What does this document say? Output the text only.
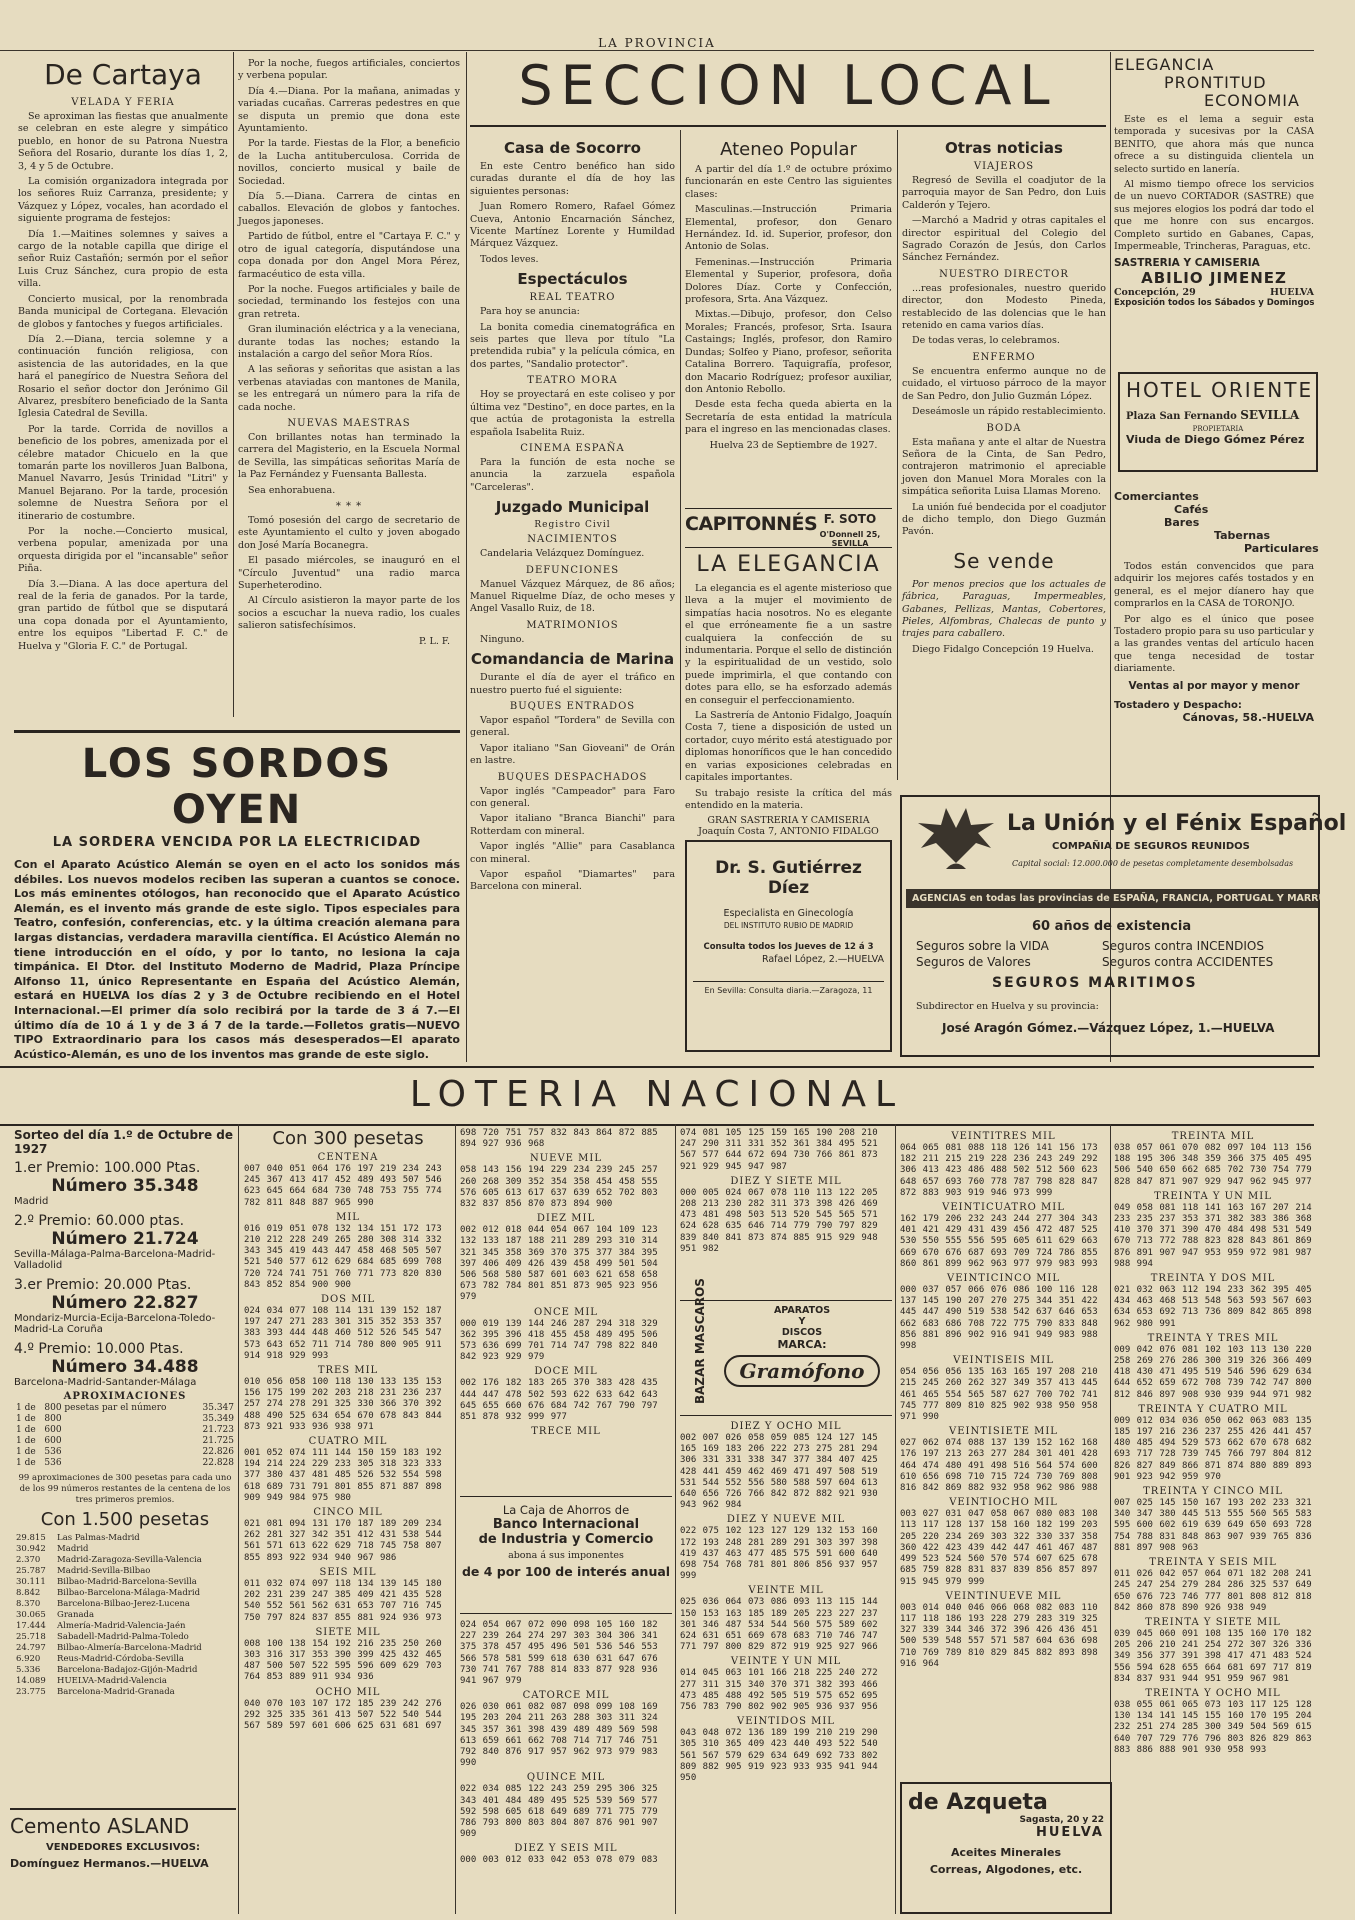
LA PROVINCIA
De Cartaya
VELADA Y FERIA

Se aproximan las fiestas que anualmente se celebran en este alegre y simpático pueblo, en honor de su Patrona Nuestra Señora del Rosario, durante los días 1, 2, 3, 4 y 5 de Octubre.

La comisión organizadora integrada por los señores Ruiz Carranza, presidente; y Vázquez y López, vocales, han acordado el siguiente programa de festejos:

Día 1.—Maitines solemnes y saives a cargo de la notable capilla que dirige el señor Ruiz Castañón; sermón por el señor Luis Cruz Sánchez, cura propio de esta villa.

Concierto musical, por la renombrada Banda municipal de Cortegana. Elevación de globos y fantoches y fuegos artificiales.

Día 2.—Diana, tercia solemne y a continuación función religiosa, con asistencia de las autoridades, en la que hará el panegírico de Nuestra Señora del Rosario el señor doctor don Jerónimo Gil Alvarez, presbítero beneficiado de la Santa Iglesia Catedral de Sevilla.

Por la tarde. Corrida de novillos a beneficio de los pobres, amenizada por el célebre matador Chicuelo en la que tomarán parte los novilleros Juan Balbona, Manuel Navarro, Jesús Trinidad "Litri" y Manuel Bejarano. Por la tarde, procesión solemne de Nuestra Señora por el itinerario de costumbre.

Por la noche.—Concierto musical, verbena popular, amenizada por una orquesta dirigida por el "incansable" señor Piña.

Día 3.—Diana. A las doce apertura del real de la feria de ganados. Por la tarde, gran partido de fútbol que se disputará una copa donada por el Ayuntamiento, entre los equipos "Libertad F. C." de Huelva y "Gloria F. C." de Portugal.

Por la noche, fuegos artificiales, conciertos y verbena popular.

Día 4.—Diana. Por la mañana, animadas y variadas cucañas. Carreras pedestres en que se disputa un premio que dona este Ayuntamiento.

Por la tarde. Fiestas de la Flor, a beneficio de la Lucha antituberculosa. Corrida de novillos, concierto musical y baile de Sociedad.

Día 5.—Diana. Carrera de cintas en caballos. Elevación de globos y fantoches. Juegos japoneses.

Partido de fútbol, entre el "Cartaya F. C." y otro de igual categoría, disputándose una copa donada por don Angel Mora Pérez, farmacéutico de esta villa.

Por la noche. Fuegos artificiales y baile de sociedad, terminando los festejos con una gran retreta.

Gran iluminación eléctrica y a la veneciana, durante todas las noches; estando la instalación a cargo del señor Mora Ríos.

A las señoras y señoritas que asistan a las verbenas ataviadas con mantones de Manila, se les entregará un número para la rifa de cada noche.

NUEVAS MAESTRAS

Con brillantes notas han terminado la carrera del Magisterio, en la Escuela Normal de Sevilla, las simpáticas señoritas María de la Paz Fernández y Fuensanta Ballesta.

Sea enhorabuena.

* * *

Tomó posesión del cargo de secretario de este Ayuntamiento el culto y joven abogado don José María Bocanegra.

El pasado miércoles, se inauguró en el "Círculo Juventud" una radio marca Superheterodino.

Al Círculo asistieron la mayor parte de los socios a escuchar la nueva radio, los cuales salieron satisfechísimos.

P. L. F.
LOS SORDOS OYEN
LA SORDERA VENCIDA POR LA ELECTRICIDAD
Con el Aparato Acústico Alemán se oyen en el acto los sonidos más débiles. Los nuevos modelos reciben las superan a cuantos se conoce. Los más eminentes otólogos, han reconocido que el Aparato Acústico Alemán, es el invento más grande de este siglo. Tipos especiales para Teatro, confesión, conferencias, etc. y la última creación alemana para largas distancias, verdadera maravilla científica. El Acústico Alemán no tiene introducción en el oído, y por lo tanto, no lesiona la caja timpánica. El Dtor. del Instituto Moderno de Madrid, Plaza Príncipe Alfonso 11, único Representante en España del Acústico Alemán, estará en HUELVA los días 2 y 3 de Octubre recibiendo en el Hotel Internacional.—El primer día solo recibirá por la tarde de 3 á 7.—El último día de 10 á 1 y de 3 á 7 de la tarde.—Folletos gratis—NUEVO TIPO Extraordinario para los casos más desesperados—El aparato Acústico-Alemán, es uno de los inventos mas grande de este siglo.
SECCION LOCAL
Casa de Socorro

En este Centro benéfico han sido curadas durante el día de hoy las siguientes personas:

Juan Romero Romero, Rafael Gómez Cueva, Antonio Encarnación Sánchez, Vicente Martínez Lorente y Humildad Márquez Vázquez.

Todos leves.

Espectáculos
REAL TEATRO

Para hoy se anuncia:

La bonita comedia cinematográfica en seis partes que lleva por título "La pretendida rubia" y la película cómica, en dos partes, "Sandalio protector".

TEATRO MORA

Hoy se proyectará en este coliseo y por última vez "Destino", en doce partes, en la que actúa de protagonista la estrella española Isabelita Ruiz.

CINEMA ESPAÑA

Para la función de esta noche se anuncia la zarzuela española "Carceleras".

Juzgado Municipal
Registro Civil
NACIMIENTOS

Candelaria Velázquez Domínguez.

DEFUNCIONES

Manuel Vázquez Márquez, de 86 años; Manuel Riquelme Díaz, de ocho meses y Angel Vasallo Ruiz, de 18.

MATRIMONIOS

Ninguno.

Comandancia de Marina

Durante el día de ayer el tráfico en nuestro puerto fué el siguiente:

BUQUES ENTRADOS

Vapor español "Tordera" de Sevilla con general.

Vapor italiano "San Gioveani" de Orán en lastre.

BUQUES DESPACHADOS

Vapor inglés "Campeador" para Faro con general.

Vapor italiano "Branca Bianchi" para Rotterdam con mineral.

Vapor inglés "Allie" para Casablanca con mineral.

Vapor español "Diamartes" para Barcelona con mineral.

Ateneo Popular

A partir del día 1.º de octubre próximo funcionarán en este Centro las siguientes clases:

Masculinas.—Instrucción Primaria Elemental, profesor, don Genaro Hernández. Id. id. Superior, profesor, don Antonio de Solas.

Femeninas.—Instrucción Primaria Elemental y Superior, profesora, doña Dolores Díaz. Corte y Confección, profesora, Srta. Ana Vázquez.

Mixtas.—Dibujo, profesor, don Celso Morales; Francés, profesor, Srta. Isaura Castaings; Inglés, profesor, don Ramiro Dundas; Solfeo y Piano, profesor, señorita Catalina Borrero. Taquigrafía, profesor, don Macario Rodríguez; profesor auxiliar, don Antonio Rebollo.

Desde esta fecha queda abierta en la Secretaría de esta entidad la matrícula para el ingreso en las mencionadas clases.

Huelva 23 de Septiembre de 1927.

CAPITONNÉS F. SOTO
O'Donnell 25, SEVILLA
LA ELEGANCIA

La elegancia es el agente misterioso que lleva a la mujer el movimiento de simpatías hacia nosotros. No es elegante el que erróneamente fie a un sastre cualquiera la confección de su indumentaria. Porque el sello de distinción y la espiritualidad de un vestido, solo puede imprimirla, el que contando con dotes para ello, se ha esforzado además en conseguir el perfeccionamiento.

La Sastrería de Antonio Fidalgo, Joaquín Costa 7, tiene a disposición de usted un cortador, cuyo mérito está atestiguado por diplomas honoríficos que le han concedido en varias exposiciones celebradas en capitales importantes.

Su trabajo resiste la crítica del más entendido en la materia.

GRAN SASTRERIA Y CAMISERIA
Joaquín Costa 7, ANTONIO FIDALGO
Dr. S. Gutiérrez Díez
Especialista en Ginecología
DEL INSTITUTO RUBIO DE MADRID
Consulta todos los Jueves de 12 á 3
Rafael López, 2.—HUELVA
En Sevilla: Consulta diaria.—Zaragoza, 11
Otras noticias
VIAJEROS

Regresó de Sevilla el coadjutor de la parroquia mayor de San Pedro, don Luis Calderón y Tejero.

—Marchó a Madrid y otras capitales el director espiritual del Colegio del Sagrado Corazón de Jesús, don Carlos Sánchez Fernández.

NUESTRO DIRECTOR

...reas profesionales, nuestro querido director, don Modesto Pineda, restablecido de las dolencias que le han retenido en cama varios días.

De todas veras, lo celebramos.

ENFERMO

Se encuentra enfermo aunque no de cuidado, el virtuoso párroco de la mayor de San Pedro, don Julio Guzmán López.

Deseámosle un rápido restablecimiento.

BODA

Esta mañana y ante el altar de Nuestra Señora de la Cinta, de San Pedro, contrajeron matrimonio el apreciable joven don Manuel Mora Morales con la simpática señorita Luisa Llamas Moreno.

La unión fué bendecida por el coadjutor de dicho templo, don Diego Guzmán Pavón.

Se vende

Por menos precios que los actuales de fábrica, Paraguas, Impermeables, Gabanes, Pellizas, Mantas, Cobertores, Pieles, Alfombras, Chalecas de punto y trajes para caballero.

Diego Fidalgo Concepción 19 Huelva.

ELEGANCIA
PRONTITUD
ECONOMIA

Este es el lema a seguir esta temporada y sucesivas por la CASA BENITO, que ahora más que nunca ofrece a su distinguida clientela un selecto surtido en lanería.

Al mismo tiempo ofrece los servicios de un nuevo CORTADOR (SASTRE) que sus mejores elogios los podrá dar todo el que me honre con sus encargos. Completo surtido en Gabanes, Capas, Impermeable, Trincheras, Paraguas, etc.

SASTRERIA Y CAMISERIA
ABILIO JIMENEZ
Concepción, 29	HUELVA
Exposición todos los Sábados y Domingos
HOTEL ORIENTE
Plaza San Fernando SEVILLA
PROPIETARIA
Viuda de Diego Gómez Pérez
Comerciantes
Cafés
Bares
Tabernas
Particulares

Todos están convencidos que para adquirir los mejores cafés tostados y en general, es el mejor díanero hay que comprarlos en la CASA de TORONJO.

Por algo es el único que posee Tostadero propio para su uso particular y a las grandes ventas del artículo hacen que tenga necesidad de tostar diariamente.

Ventas al por mayor y menor
Tostadero y Despacho:
Cánovas, 58.-HUELVA
La Unión y el Fénix Español
COMPAÑIA DE SEGUROS REUNIDOS
Capital social: 12.000.000 de pesetas completamente desembolsadas
AGENCIAS en todas las provincias de ESPAÑA, FRANCIA, PORTUGAL Y MARRUECOS
60 años de existencia
Seguros sobre la VIDA	Seguros contra INCENDIOS
Seguros de Valores	Seguros contra ACCIDENTES
SEGUROS MARITIMOS
Subdirector en Huelva y su provincia:
José Aragón Gómez.—Vázquez López, 1.—HUELVA
LOTERIA NACIONAL
Sorteo del día 1.º de Octubre de 1927
1.er Premio: 100.000 Ptas.
Número 35.348
Madrid
2.º Premio: 60.000 ptas.
Número 21.724
Sevilla-Málaga-Palma-Barcelona-Madrid-Valladolid
3.er Premio: 20.000 Ptas.
Número 22.827
Mondariz-Murcia-Ecija-Barcelona-Toledo-Madrid-La Coruña
4.º Premio: 10.000 Ptas.
Número 34.488
Barcelona-Madrid-Santander-Málaga
APROXIMACIONES
1 de	800 pesetas par el número	35.347
1 de	800	35.349
1 de	600	21.723
1 de	600	21.725
1 de	536	22.826
1 de	536	22.828

99 aproximaciones de 300 pesetas para cada uno de los 99 números restantes de la centena de los tres primeros premios.

Con 1.500 pesetas
29.815	Las Palmas-Madrid
30.942	Madrid
2.370	Madrid-Zaragoza-Sevilla-Valencia
25.787	Madrid-Sevilla-Bilbao
30.111	Bilbao-Madrid-Barcelona-Sevilla
8.842	Bilbao-Barcelona-Málaga-Madrid
8.370	Barcelona-Bilbao-Jerez-Lucena
30.065	Granada
17.444	Almería-Madrid-Valencia-Jaén
25.718	Sabadell-Madrid-Palma-Toledo
24.797	Bilbao-Almería-Barcelona-Madrid
6.920	Reus-Madrid-Córdoba-Sevilla
5.336	Barcelona-Badajoz-Gijón-Madrid
14.089	HUELVA-Madrid-Valencia
23.775	Barcelona-Madrid-Granada
Cemento ASLAND
VENDEDORES EXCLUSIVOS:
Domínguez Hermanos.—HUELVA
Con 300 pesetas
CENTENA
007 040 051 064 176 197 219 234 243 245 367 413 417 452 489 493 507 546 623 645 664 684 730 748 753 755 774 782 811 848 887 965 990
MIL
016 019 051 078 132 134 151 172 173 210 212 228 249 265 280 308 314 332 343 345 419 443 447 458 468 505 507 521 540 577 612 629 684 685 699 708 720 724 741 751 760 771 773 820 830 843 852 854 900 900
DOS MIL
024 034 077 108 114 131 139 152 187 197 247 271 283 301 315 352 353 357 383 393 444 448 460 512 526 545 547 573 643 652 711 714 780 800 905 911 914 918 929 993
TRES MIL
010 056 058 100 118 130 133 135 153 156 175 199 202 203 218 231 236 237 257 274 278 291 325 330 366 370 392 488 490 525 634 654 670 678 843 844 873 921 933 936 938 971
CUATRO MIL
001 052 074 111 144 150 159 183 192 194 214 224 229 233 305 318 323 333 377 380 437 481 485 526 532 554 598 618 689 731 791 801 855 871 887 898 909 949 984 975 980
CINCO MIL
021 081 094 131 170 187 189 209 234 262 281 327 342 351 412 431 538 544 561 571 613 622 629 718 745 758 807 855 893 922 934 940 967 986
SEIS MIL
011 032 074 097 118 134 139 145 180 202 231 239 247 385 409 421 435 528 540 552 561 562 631 653 707 716 745 750 797 824 837 855 881 924 936 973
SIETE MIL
008 100 138 154 192 216 235 250 260 303 316 317 353 390 399 425 432 465 487 500 507 522 595 596 609 629 703 764 853 889 911 934 936
OCHO MIL
040 070 103 107 172 185 239 242 276 292 325 335 361 413 507 522 540 544 567 589 597 601 606 625 631 681 697
698 720 751 757 832 843 864 872 885 894 927 936 968
NUEVE MIL
058 143 156 194 229 234 239 245 257 260 268 309 352 354 358 454 458 555 576 605 613 617 637 639 652 702 803 832 837 856 870 873 894 900
DIEZ MIL
002 012 018 044 054 067 104 109 123 132 133 187 188 211 289 293 310 314 321 345 358 369 370 375 377 384 395 397 406 409 426 439 458 499 501 504 506 568 580 587 601 603 621 658 658 673 782 784 801 851 873 905 923 956 979
ONCE MIL
000 019 139 144 246 287 294 318 329 362 395 396 418 455 458 489 495 506 573 636 699 701 714 747 798 822 840 842 923 929 979
DOCE MIL
002 176 182 183 265 370 383 428 435 444 447 478 502 593 622 633 642 643 645 655 660 676 684 742 767 790 797 851 878 932 999 977
TRECE MIL
La Caja de Ahorros de
Banco Internacional
de Industria y Comercio
abona á sus imponentes
de 4 por 100 de interés anual
024 054 067 072 090 098 105 160 182 227 239 264 274 297 303 304 306 341 375 378 457 495 496 501 536 546 553 566 578 581 599 618 630 631 647 676 730 741 767 788 814 833 877 928 936 941 967 979
CATORCE MIL
026 030 061 082 087 098 099 108 169 195 203 204 211 263 288 303 311 324 345 357 361 398 439 489 489 569 598 613 659 661 662 708 714 717 746 751 792 840 876 917 957 962 973 979 983 990
QUINCE MIL
022 034 085 122 243 259 295 306 325 343 401 484 489 495 525 539 569 577 592 598 605 618 649 689 771 775 779 786 793 800 803 804 807 876 901 907 909
DIEZ Y SEIS MIL
000 003 012 033 042 053 078 079 083
074 081 105 125 159 165 190 208 210 247 290 311 331 352 361 384 495 521 567 577 644 672 694 730 766 861 873 921 929 945 947 987
DIEZ Y SIETE MIL
000 005 024 067 078 110 113 122 205 208 213 230 282 311 373 398 426 469 473 481 498 503 513 520 545 565 571 624 628 635 646 714 779 790 797 829 839 840 841 873 874 885 915 929 948 951 982
BAZAR MASCAROS	APARATOS
Y
DISCOS
MARCA:
Gramófono
DIEZ Y OCHO MIL
002 007 026 058 059 085 124 127 145 165 169 183 206 222 273 275 281 294 306 331 331 338 347 377 384 407 425 428 441 459 462 469 471 497 508 519 531 544 552 556 580 588 597 604 613 640 656 726 766 842 872 882 921 930 943 962 984
DIEZ Y NUEVE MIL
022 075 102 123 127 129 132 153 160 172 193 248 281 289 291 303 397 398 419 437 463 477 485 575 591 600 640 698 754 768 781 801 806 856 937 957 999
VEINTE MIL
025 036 064 073 086 093 113 115 144 150 153 163 185 189 205 223 227 237 301 346 487 534 544 560 575 589 602 624 631 651 669 678 683 710 746 747 771 797 800 829 872 919 925 927 966
VEINTE Y UN MIL
014 045 063 101 166 218 225 240 272 277 311 315 340 370 371 382 393 466 473 485 488 492 505 519 575 652 695 756 783 790 802 902 905 936 937 956
VEINTIDOS MIL
043 048 072 136 189 199 210 219 290 305 310 365 409 423 440 493 522 540 561 567 579 629 634 649 692 733 802 809 882 905 919 923 933 935 941 944 950
VEINTITRES MIL
064 065 081 088 118 126 141 156 173 182 211 215 219 228 236 243 249 292 306 413 423 486 488 502 512 560 623 648 657 693 760 778 787 798 828 847 872 883 903 919 946 973 999
VEINTICUATRO MIL
162 179 206 232 243 244 277 304 343 401 421 429 431 439 456 472 487 525 530 550 555 556 595 605 611 629 663 669 670 676 687 693 709 724 786 855 860 861 899 962 963 977 979 983 993
VEINTICINCO MIL
000 037 057 066 076 086 100 116 128 137 145 190 207 270 275 344 351 422 445 447 490 519 538 542 637 646 653 662 683 686 708 722 775 790 833 848 856 881 896 902 916 941 949 983 988 998
VEINTISEIS MIL
054 056 056 135 163 165 197 208 210 215 245 260 262 327 349 357 413 445 461 465 554 565 587 627 700 702 741 745 777 809 810 825 902 938 950 958 971 990
VEINTISIETE MIL
027 062 074 088 137 139 152 162 168 176 197 213 263 277 284 301 401 428 464 474 480 491 498 516 564 574 600 610 656 698 710 715 724 730 769 808 816 842 869 882 932 958 962 986 988
VEINTIOCHO MIL
003 027 031 047 058 067 080 083 108 113 117 128 137 158 160 182 199 203 205 220 234 269 303 322 330 337 358 360 422 423 439 442 447 461 467 487 499 523 524 560 570 574 607 625 678 685 759 828 831 837 839 856 857 897 915 945 979 999
VEINTINUEVE MIL
003 014 040 046 066 068 082 083 110 117 118 186 193 228 279 283 319 325 327 339 344 346 372 396 426 436 451 500 539 548 557 571 587 604 636 698 710 769 789 810 829 845 882 893 898 916 964
de Azqueta
Sagasta, 20 y 22
HUELVA
Aceites Minerales
Correas, Algodones, etc.
TREINTA MIL
038 057 061 070 082 097 104 113 156 188 195 306 348 359 366 375 405 495 506 540 650 662 685 702 730 754 779 828 847 871 907 929 947 962 945 977
TREINTA Y UN MIL
049 058 081 118 141 163 167 207 214 233 235 237 353 371 382 383 386 368 410 370 371 390 470 484 498 531 549 670 713 772 788 823 828 843 861 869 876 891 907 947 953 959 972 981 987 988 994
TREINTA Y DOS MIL
021 032 063 112 194 233 362 395 405 434 463 468 513 548 563 593 567 603 634 653 692 713 736 809 842 865 898 962 980 991
TREINTA Y TRES MIL
009 042 076 081 102 103 113 130 220 258 269 276 286 300 319 326 366 409 418 430 471 495 519 546 596 629 634 644 652 659 672 708 739 742 747 800 812 846 897 908 930 939 944 971 982
TREINTA Y CUATRO MIL
009 012 034 036 050 062 063 083 135 185 197 216 236 237 255 426 441 457 480 485 494 529 573 662 670 678 682 693 717 728 739 745 766 797 804 812 826 827 849 866 871 874 880 889 893 901 923 942 959 970
TREINTA Y CINCO MIL
007 025 145 150 167 193 202 233 321 340 347 380 445 513 555 560 565 583 595 600 602 619 639 649 650 693 728 754 788 831 848 863 907 939 765 836 881 897 908 963
TREINTA Y SEIS MIL
011 026 042 057 064 071 182 208 241 245 247 254 279 284 286 325 537 649 650 676 723 746 777 801 808 812 818 842 860 878 890 926 938 949
TREINTA Y SIETE MIL
039 045 060 091 108 135 160 170 182 205 206 210 241 254 272 307 326 336 349 356 377 391 398 417 471 483 524 556 594 628 655 664 681 697 717 819 834 837 931 944 951 959 967 981
TREINTA Y OCHO MIL
038 055 061 065 073 103 117 125 128 130 134 141 145 155 160 170 195 204 232 251 274 285 300 349 504 569 615 640 707 729 776 796 803 826 829 863 883 886 888 901 930 958 993
